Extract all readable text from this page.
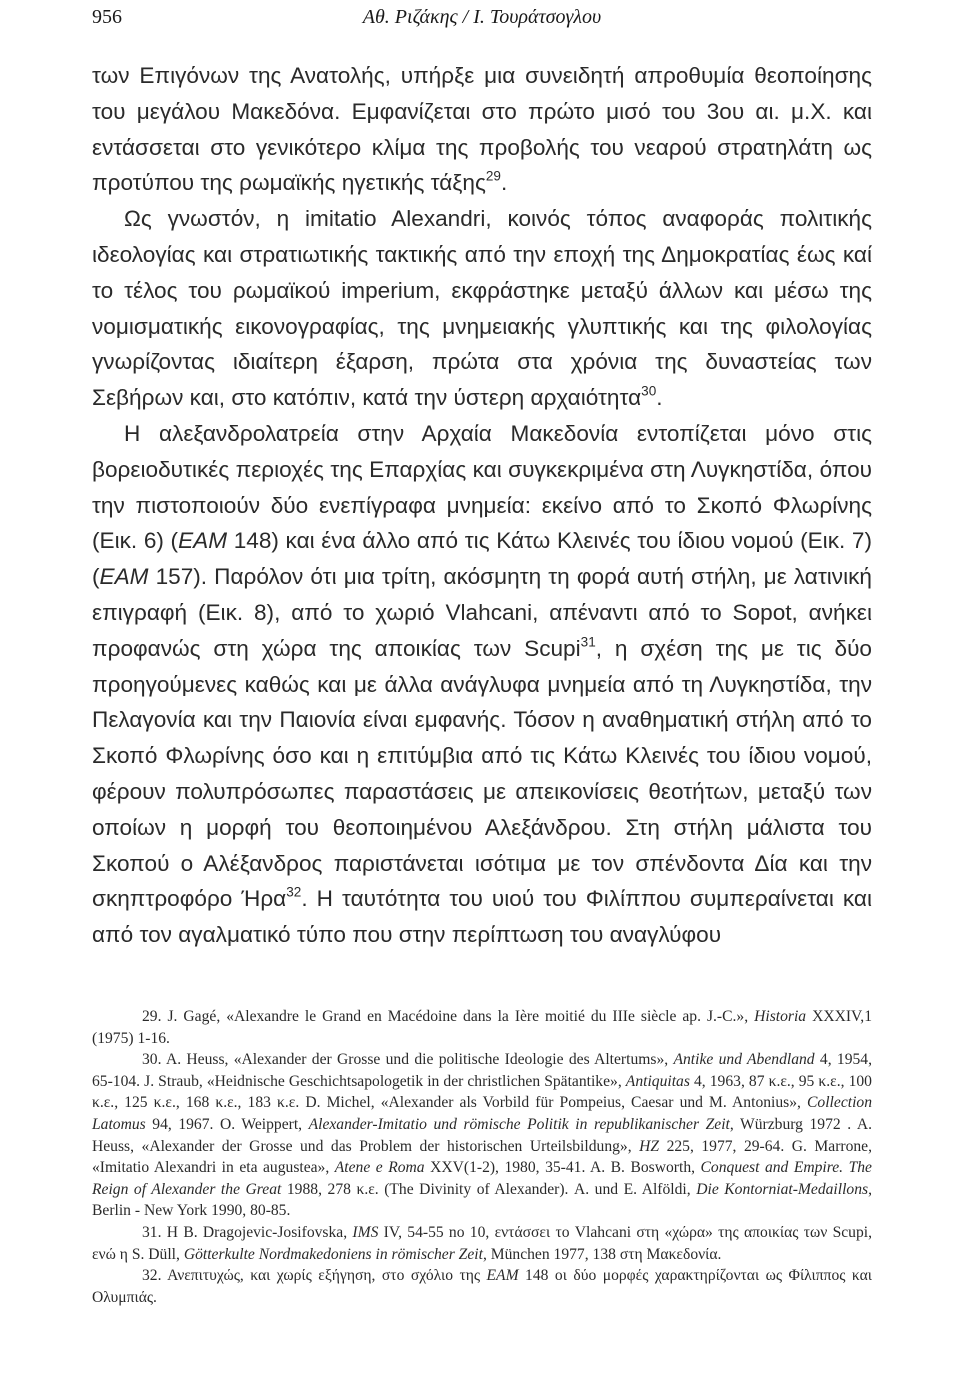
956	Αθ. Ριζάκης / Ι. Τουράτσογλου

των Επιγόνων της Ανατολής, υπήρξε μια συνειδητή απροθυμία θεοποίησης του μεγάλου Μακεδόνα. Εμφανίζεται στο πρώτο μισό του 3ου αι. μ.Χ. και εντάσσεται στο γενικότερο κλίμα της προβολής του νεαρού στρατηλάτη ως προτύπου της ρωμαϊκής ηγετικής τάξης$^{29}$.

Ως γνωστόν, η imitatio Alexandri, κοινός τόπος αναφοράς πολιτικής ιδεολογίας και στρατιωτικής τακτικής από την εποχή της Δημοκρατίας έως καί το τέλος του ρωμαϊκού imperium, εκφράστηκε μεταξύ άλλων και μέσω της νομισματικής εικονογραφίας, της μνημειακής γλυπτικής και της φιλολογίας γνωρίζοντας ιδιαίτερη έξαρση, πρώτα στα χρόνια της δυναστείας των Σεβήρων και, στο κατόπιν, κατά την ύστερη αρχαιότητα$^{30}$.

Η αλεξανδρολατρεία στην Αρχαία Μακεδονία εντοπίζεται μόνο στις βορειοδυτικές περιοχές της Επαρχίας και συγκεκριμένα στη Λυγκηστίδα, όπου την πιστοποιούν δύο ενεπίγραφα μνημεία: εκείνο από το Σκοπό Φλωρίνης (Εικ. 6) (ΕΑΜ 148) και ένα άλλο από τις Κάτω Κλεινές του ίδιου νομού (Εικ. 7) (ΕΑΜ 157). Παρόλον ότι μια τρίτη, ακόσμητη τη φορά αυτή στήλη, με λατινική επιγραφή (Εικ. 8), από το χωριό Vlahcani, απέναντι από το Sopot, ανήκει προφανώς στη χώρα της αποικίας των Scupi$^{31}$, η σχέση της με τις δύο προηγούμενες καθώς και με άλλα ανάγλυφα μνημεία από τη Λυγκηστίδα, την Πελαγονία και την Παιονία είναι εμφανής. Τόσον η αναθηματική στήλη από το Σκοπό Φλωρίνης όσο και η επιτύμβια από τις Κάτω Κλεινές του ίδιου νομού, φέρουν πολυπρόσωπες παραστάσεις με απεικονίσεις θεοτήτων, μεταξύ των οποίων η μορφή του θεοποιημένου Αλεξάνδρου. Στη στήλη μάλιστα του Σκοπού ο Αλέξανδρος παριστάνεται ισότιμα με τον σπένδοντα Δία και την σκηπτροφόρο Ήρα$^{32}$. Η ταυτότητα του υιού του Φιλίππου συμπεραίνεται και από τον αγαλματικό τύπο που στην περίπτωση του αναγλύφου

29. J. Gagé, «Alexandre le Grand en Macédoine dans la Ière moitié du IIIe siècle ap. J.-C.», Historia XXXIV,1 (1975) 1-16.

30. A. Heuss, «Alexander der Grosse und die politische Ideologie des Altertums», Antike und Abendland 4, 1954, 65-104. J. Straub, «Heidnische Geschichtsapologetik in der christlichen Spätantike», Antiquitas 4, 1963, 87 κ.ε., 95 κ.ε., 100 κ.ε., 125 κ.ε., 168 κ.ε., 183 κ.ε. D. Michel, «Alexander als Vorbild für Pompeius, Caesar und M. Antonius», Collection Latomus 94, 1967. O. Weippert, Alexander-Imitatio und römische Politik in republikanischer Zeit, Würzburg 1972 . A. Heuss, «Alexander der Grosse und das Problem der historischen Urteilsbildung», HZ 225, 1977, 29-64. G. Marrone, «Imitatio Alexandri in eta augustea», Atene e Roma XXV(1-2), 1980, 35-41. A. B. Bosworth, Conquest and Empire. The Reign of Alexander the Great 1988, 278 κ.ε. (The Divinity of Alexander). A. und E. Alföldi, Die Kontorniat-Medaillons, Berlin - New York 1990, 80-85.

31. Η B. Dragojevic-Josifovska, IMS IV, 54-55 no 10, εντάσσει το Vlahcani στη «χώρα» της αποικίας των Scupi, ενώ η S. Düll, Götterkulte Nordmakedoniens in römischer Zeit, München 1977, 138 στη Μακεδονία.

32. Ανεπιτυχώς, και χωρίς εξήγηση, στο σχόλιο της ΕΑΜ 148 οι δύο μορφές χαρακτηρίζονται ως Φίλιππος και Ολυμπιάς.
